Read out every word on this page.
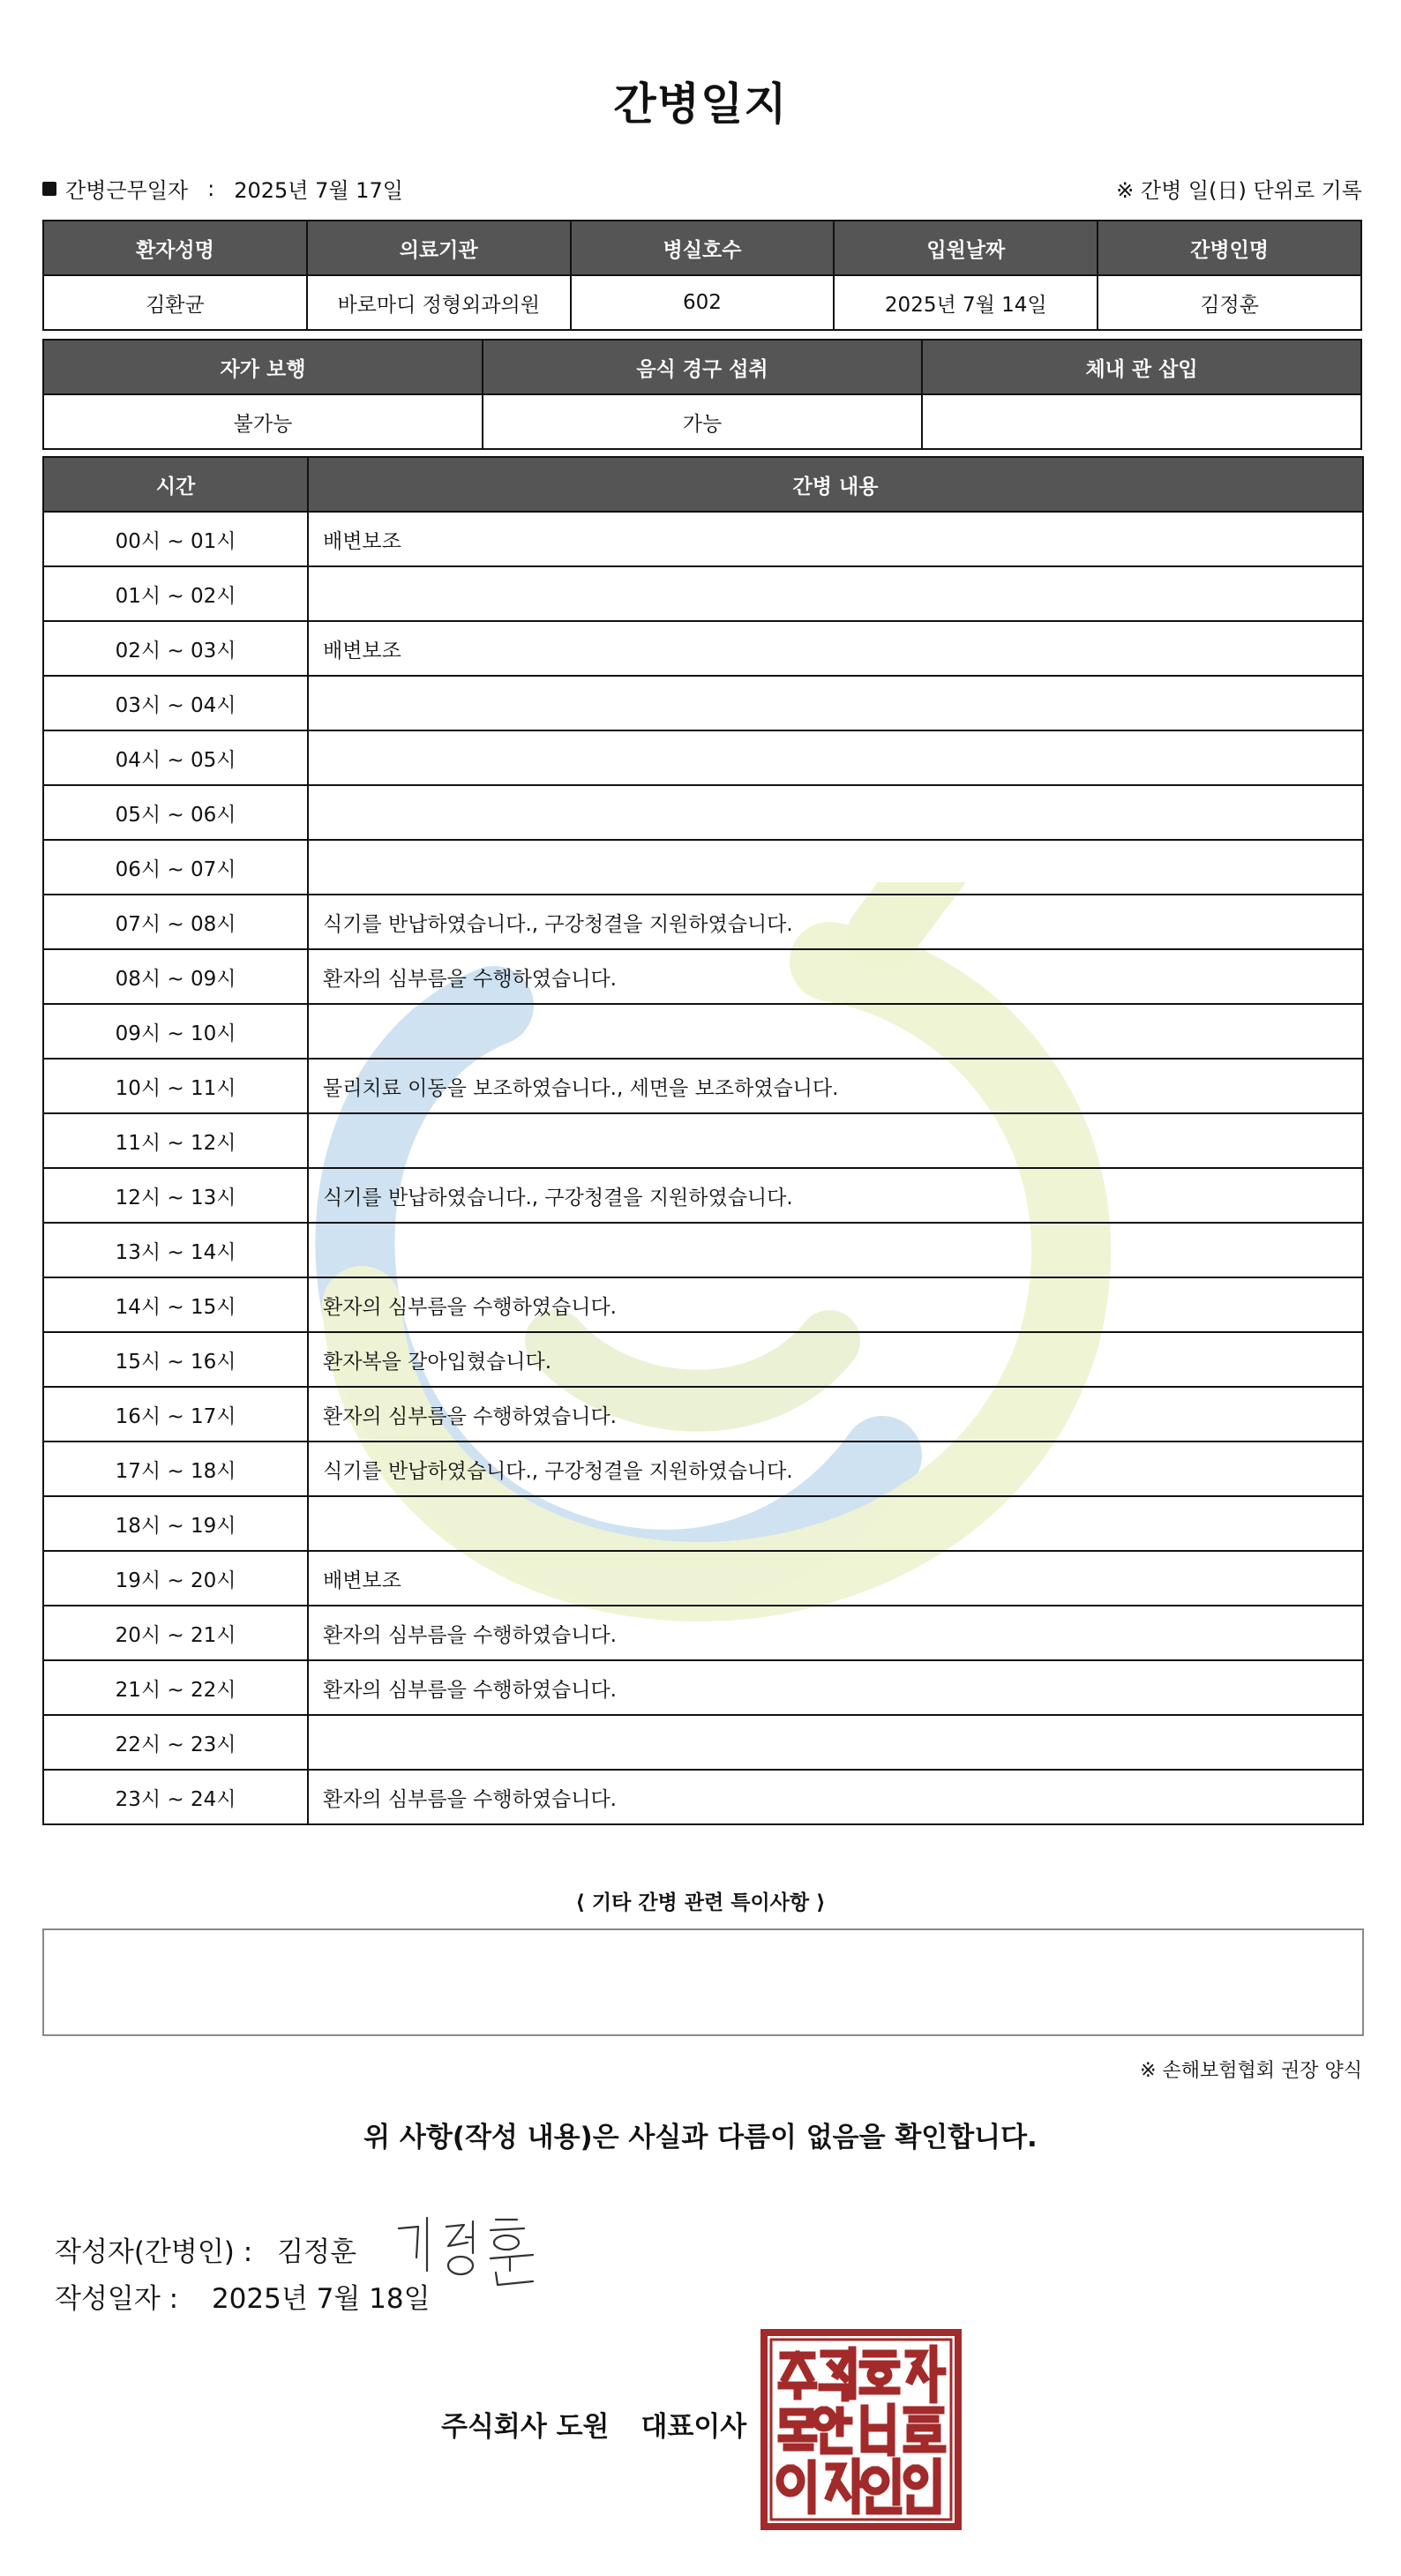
간병일지
간병근무일자 : 2025년 7월 17일	※ 간병 일(日) 단위로 기록
환자성명	의료기관	병실호수	입원날짜	간병인명
김환균	바로마디 정형외과의원	602	2025년 7월 14일	김정훈
자가 보행	음식 경구 섭취	체내 관 삽입
불가능	가능	
시간	간병 내용
00시 ~ 01시	배변보조
01시 ~ 02시	
02시 ~ 03시	배변보조
03시 ~ 04시	
04시 ~ 05시	
05시 ~ 06시	
06시 ~ 07시	
07시 ~ 08시	식기를 반납하였습니다., 구강청결을 지원하였습니다.
08시 ~ 09시	환자의 심부름을 수행하였습니다.
09시 ~ 10시	
10시 ~ 11시	물리치료 이동을 보조하였습니다., 세면을 보조하였습니다.
11시 ~ 12시	
12시 ~ 13시	식기를 반납하였습니다., 구강청결을 지원하였습니다.
13시 ~ 14시	
14시 ~ 15시	환자의 심부름을 수행하였습니다.
15시 ~ 16시	환자복을 갈아입혔습니다.
16시 ~ 17시	환자의 심부름을 수행하였습니다.
17시 ~ 18시	식기를 반납하였습니다., 구강청결을 지원하였습니다.
18시 ~ 19시	
19시 ~ 20시	배변보조
20시 ~ 21시	환자의 심부름을 수행하였습니다.
21시 ~ 22시	환자의 심부름을 수행하였습니다.
22시 ~ 23시	
23시 ~ 24시	환자의 심부름을 수행하였습니다.
⟨ 기타 간병 관련 특이사항 ⟩
※ 손해보험협회 권장 양식
위 사항(작성 내용)은 사실과 다름이 없음을 확인합니다.
작성자(간병인) : 김정훈
작성일자 : 2025년 7월 18일
주식회사 도원 대표이사
